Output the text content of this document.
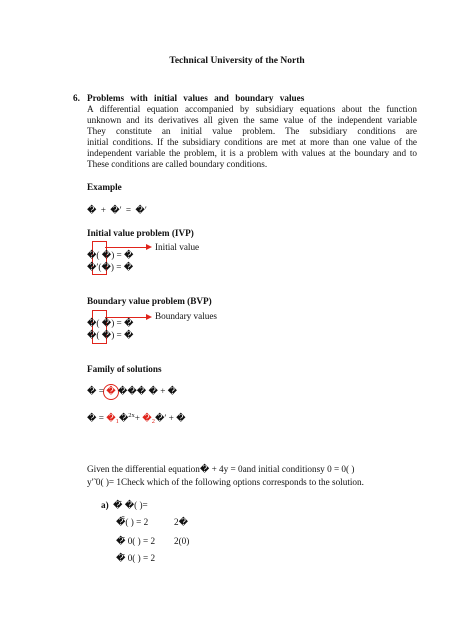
Technical University of the North
6. Problems with initial values and boundary values
A differential equation accompanied by subsidiary equations about the function
unknown and its derivatives all given the same value of the independent variable
They constitute an initial value problem. The subsidiary conditions are
initial conditions. If the subsidiary conditions are met at more than one value of the
independent variable the problem, it is a problem with values at the boundary and to
These conditions are called boundary conditions.
Example
� + �′ = �′
Initial value problem (IVP)
Initial value
�( �) = �
�′(�) = �
Boundary value problem (BVP)
Boundary values
�( �) = �
�( �) = �
Family of solutions
� = � ��� � + �
� = $�_1�^{2x}+$ $�_2�'$ + �
Given the differential equation� + 4y = 0and initial conditionsy 0 = 0( )
y′̃ 0( )= 1Check which of the following options corresponds to the solution.
a) �̄ �( )=
�̃̄( ) = 2	2�
�̃ 0( ) = 2 2(0)
�̃ 0( ) = 2
